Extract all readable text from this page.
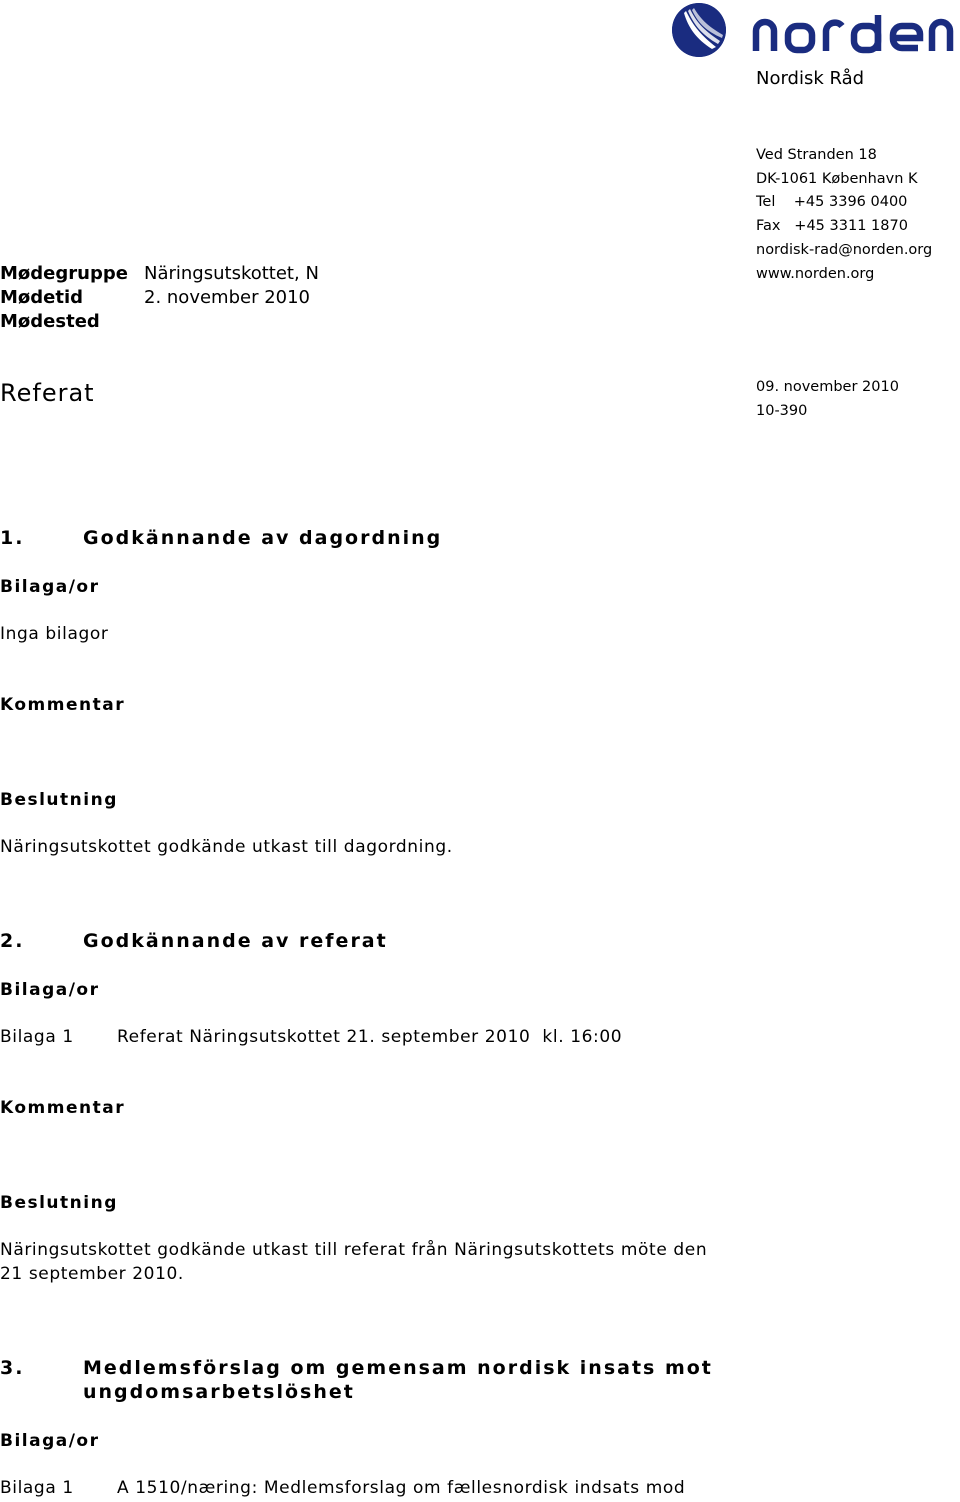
Nordisk Råd
Ved Stranden 18
DK-1061 København K
Tel    +45 3396 0400
Fax   +45 3311 1870
nordisk-rad@norden.org
www.norden.org
Mødegruppe Näringsutskottet, N
Mødetid	2. november 2010
Mødested
Referat	09. november 2010
10-390
1.	Godkännande av dagordning
Bilaga/or
Inga bilagor
Kommentar
Beslutning
Näringsutskottet godkände utkast till dagordning.
2.	Godkännande av referat
Bilaga/or
Bilaga 1	Referat Näringsutskottet 21. september 2010  kl. 16:00
Kommentar
Beslutning
Näringsutskottet godkände utkast till referat från Näringsutskottets möte den
21 september 2010.
3.	Medlemsförslag om gemensam nordisk insats mot
ungdomsarbetslöshet
Bilaga/or
Bilaga 1	A 1510/næring: Medlemsforslag om fællesnordisk indsats mod
